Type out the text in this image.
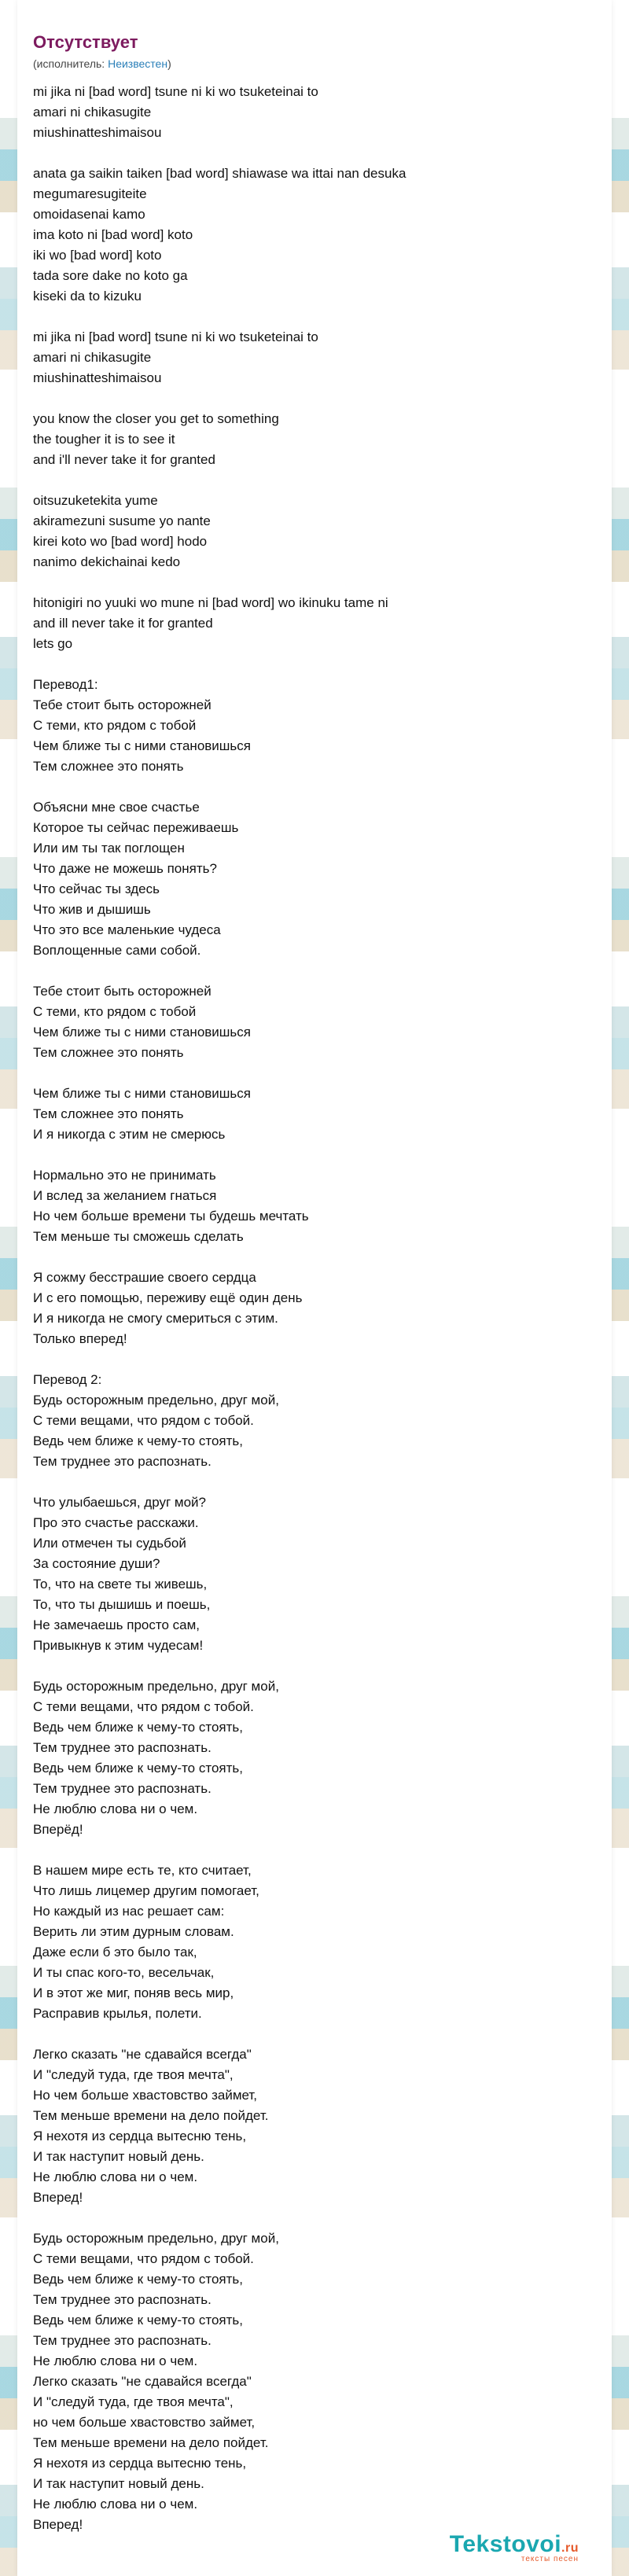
Отсутствует
(исполнитель: Неизвестен)
mi jika ni [bad word] tsune ni ki wo tsuketeinai to
amari ni chikasugite
miushinatteshimaisou

anata ga saikin taiken [bad word] shiawase wa ittai nan desuka
megumaresugiteite
omoidasenai kamo
ima koto ni [bad word] koto
iki wo [bad word] koto
tada sore dake no koto ga
kiseki da to kizuku

mi jika ni [bad word] tsune ni ki wo tsuketeinai to
amari ni chikasugite
miushinatteshimaisou

you know the closer you get to something
the tougher it is to see it
and i'll never take it for granted

oitsuzuketekita yume
akiramezuni susume yo nante
kirei koto wo [bad word] hodo
nanimo dekichainai kedo

hitonigiri no yuuki wo mune ni [bad word] wo ikinuku tame ni
and ill never take it for granted
lets go

Перевод1:
Тебе стоит быть осторожней
С теми, кто рядом с тобой
Чем ближе ты с ними становишься
Тем сложнее это понять

Объясни мне свое счастье
Которое ты сейчас переживаешь
Или им ты так поглощен
Что даже не можешь понять?
Что сейчас ты здесь
Что жив и дышишь
Что это все маленькие чудеса
Воплощенные сами собой.

Тебе стоит быть осторожней
С теми, кто рядом с тобой
Чем ближе ты с ними становишься
Тем сложнее это понять

Чем ближе ты с ними становишься
Тем сложнее это понять
И я никогда с этим не смерюсь

Нормально это не принимать
И вслед за желанием гнаться
Но чем больше времени ты будешь мечтать
Тем меньше ты сможешь сделать

Я сожму бесстрашие своего сердца
И с его помощью, переживу ещё один день
И я никогда не смогу смериться с этим.
Только вперед!

Перевод 2:
Будь осторожным предельно, друг мой,
С теми вещами, что рядом с тобой.
Ведь чем ближе к чему-то стоять,
Тем труднее это распознать.

Что улыбаешься, друг мой?
Про это счастье расскажи.
Или отмечен ты судьбой
За состояние души?
То, что на свете ты живешь,
То, что ты дышишь и поешь,
Не замечаешь просто сам,
Привыкнув к этим чудесам!

Будь осторожным предельно, друг мой,
С теми вещами, что рядом с тобой.
Ведь чем ближе к чему-то стоять,
Тем труднее это распознать.
Ведь чем ближе к чему-то стоять,
Тем труднее это распознать.
Не люблю слова ни о чем.
Вперёд!

В нашем мире есть те, кто считает,
Что лишь лицемер другим помогает,
Но каждый из нас решает сам:
Верить ли этим дурным словам.
Даже если б это было так,
И ты спас кого-то, весельчак,
И в этот же миг, поняв весь мир,
Расправив крылья, полети.

Легко сказать "не сдавайся всегда"
И "следуй туда, где твоя мечта",
Но чем больше хвастовство займет,
Тем меньше времени на дело пойдет.
Я нехотя из сердца вытесню тень,
И так наступит новый день.
Не люблю слова ни о чем.
Вперед!

Будь осторожным предельно, друг мой,
С теми вещами, что рядом с тобой.
Ведь чем ближе к чему-то стоять,
Тем труднее это распознать.
Ведь чем ближе к чему-то стоять,
Тем труднее это распознать.
Не люблю слова ни о чем.
Легко сказать "не сдавайся всегда"
И "следуй туда, где твоя мечта",
но чем больше хвастовство займет,
Тем меньше времени на дело пойдет.
Я нехотя из сердца вытесню тень,
И так наступит новый день.
Не люблю слова ни о чем.
Вперед!
Tekstovoi.ru
тексты песен
